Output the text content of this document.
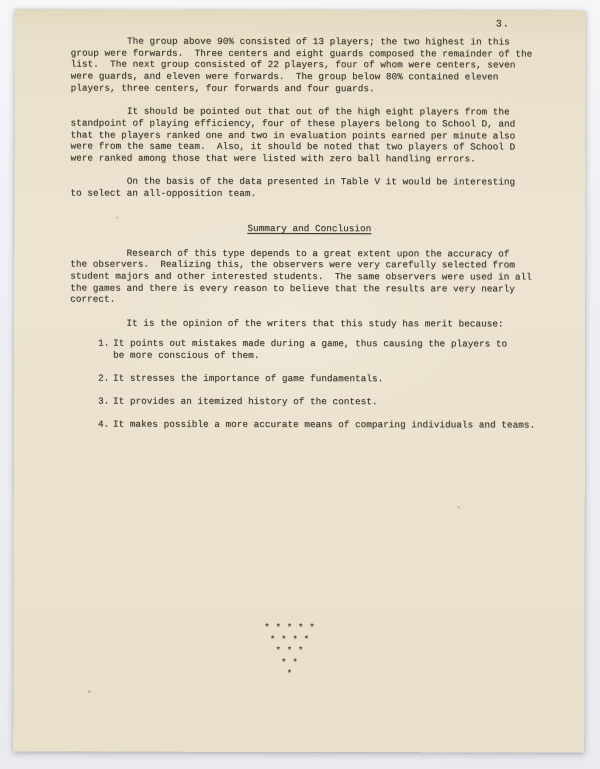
3.
The group above 90% consisted of 13 players; the two highest in this
group were forwards.  Three centers and eight guards composed the remainder of the
list.  The next group consisted of 22 players, four of whom were centers, seven
were guards, and eleven were forwards.  The group below 80% contained eleven
players, three centers, four forwards and four guards.
It should be pointed out that out of the high eight players from the
standpoint of playing efficiency, four of these players belong to School D, and
that the players ranked one and two in evaluation points earned per minute also
were from the same team.  Also, it should be noted that two players of School D
were ranked among those that were listed with zero ball handling errors.
On the basis of the data presented in Table V it would be interesting
to select an all-opposition team.
Summary and Conclusion
Research of this type depends to a great extent upon the accuracy of
the observers.  Realizing this, the observers were very carefully selected from
student majors and other interested students.  The same observers were used in all
the games and there is every reason to believe that the results are very nearly
correct.
It is the opinion of the writers that this study has merit because:
1. It points out mistakes made during a game, thus causing the players to
be more conscious of them.
2. It stresses the importance of game fundamentals.
3. It provides an itemized history of the contest.
4. It makes possible a more accurate means of comparing individuals and teams.
* * * * *
* * * *
* * *
* *
*
